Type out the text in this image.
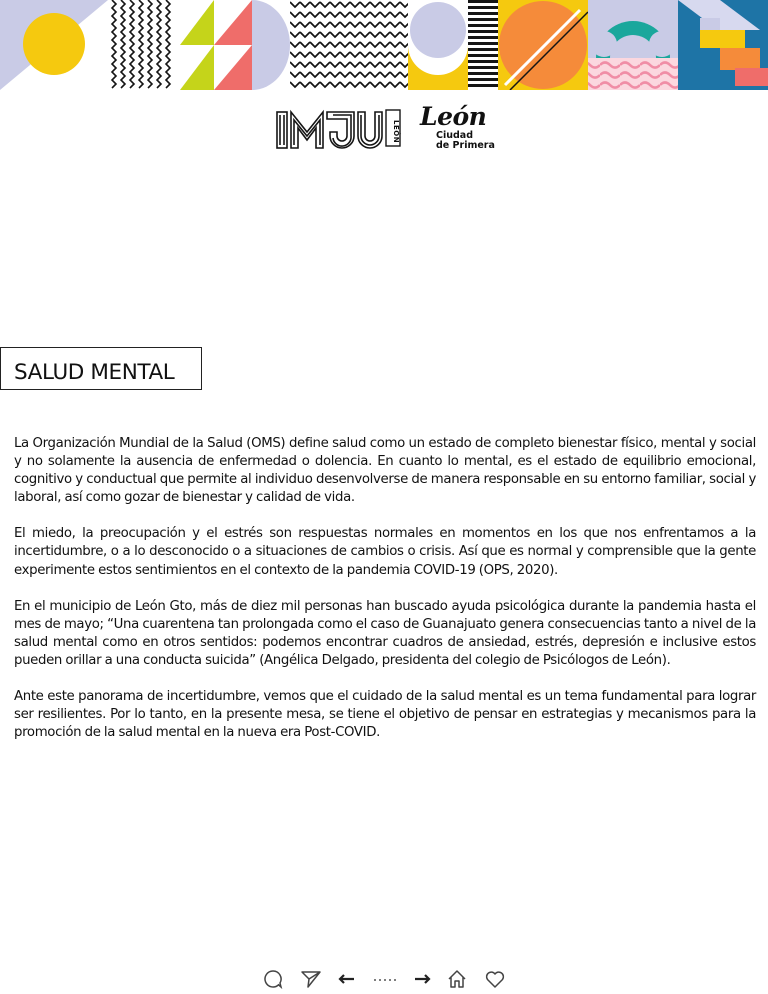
LEÓN
León
Ciudad
de Primera
SALUD MENTAL

La Organización Mundial de la Salud (OMS) define salud como un estado de completo bienestar físico, mental y social y no solamente la ausencia de enfermedad o dolencia. En cuanto lo mental, es el estado de equilibrio emocional, cognitivo y conductual que permite al individuo desenvolverse de manera responsable en su entorno familiar, social y laboral, así como gozar de bienestar y calidad de vida.

El miedo, la preocupación y el estrés son respuestas normales en momentos en los que nos enfrentamos a la incertidumbre, o a lo desconocido o a situaciones de cambios o crisis. Así que es normal y comprensible que la gente experimente estos sentimientos en el contexto de la pandemia COVID-19 (OPS, 2020).

En el municipio de León Gto, más de diez mil personas han buscado ayuda psicológica durante la pandemia hasta el mes de mayo; “Una cuarentena tan prolongada como el caso de Guanajuato genera consecuencias tanto a nivel de la salud mental como en otros sentidos: podemos encontrar cuadros de ansiedad, estrés, depresión e inclusive estos pueden orillar a una conducta suicida” (Angélica Delgado, presidenta del colegio de Psicólogos de León).

Ante este panorama de incertidumbre, vemos que el cuidado de la salud mental es un tema fundamental para lograr ser resilientes. Por lo tanto, en la presente mesa, se tiene el objetivo de pensar en estrategias y mecanismos para la promoción de la salud mental en la nueva era Post-COVID.
